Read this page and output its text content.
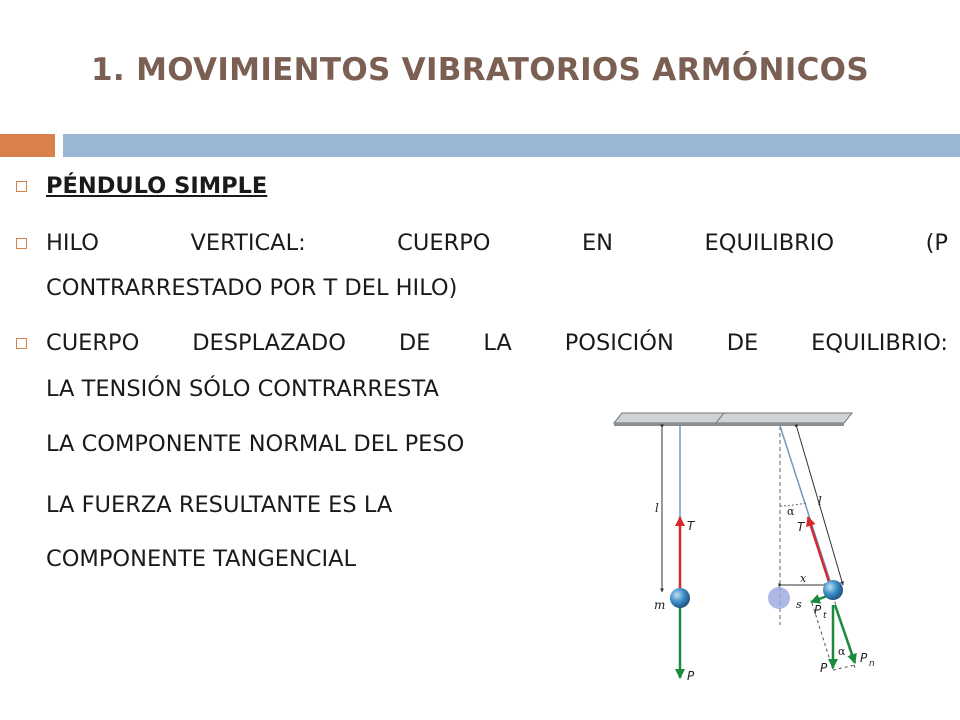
1. MOVIMIENTOS VIBRATORIOS ARMÓNICOS
PÉNDULO SIMPLE
HILO	VERTICAL:	CUERPO	EN	EQUILIBRIO	(P
CONTRARRESTADO POR T DEL HILO)
CUERPO DESPLAZADO DE LA POSICIÓN DE EQUILIBRIO:
LA TENSIÓN SÓLO CONTRARRESTA
LA COMPONENTE NORMAL DEL PESO
LA FUERZA RESULTANTE ES LA
COMPONENTE TANGENCIAL
l
T
P
m
l
α
T
x
s P t
α
P
P n
